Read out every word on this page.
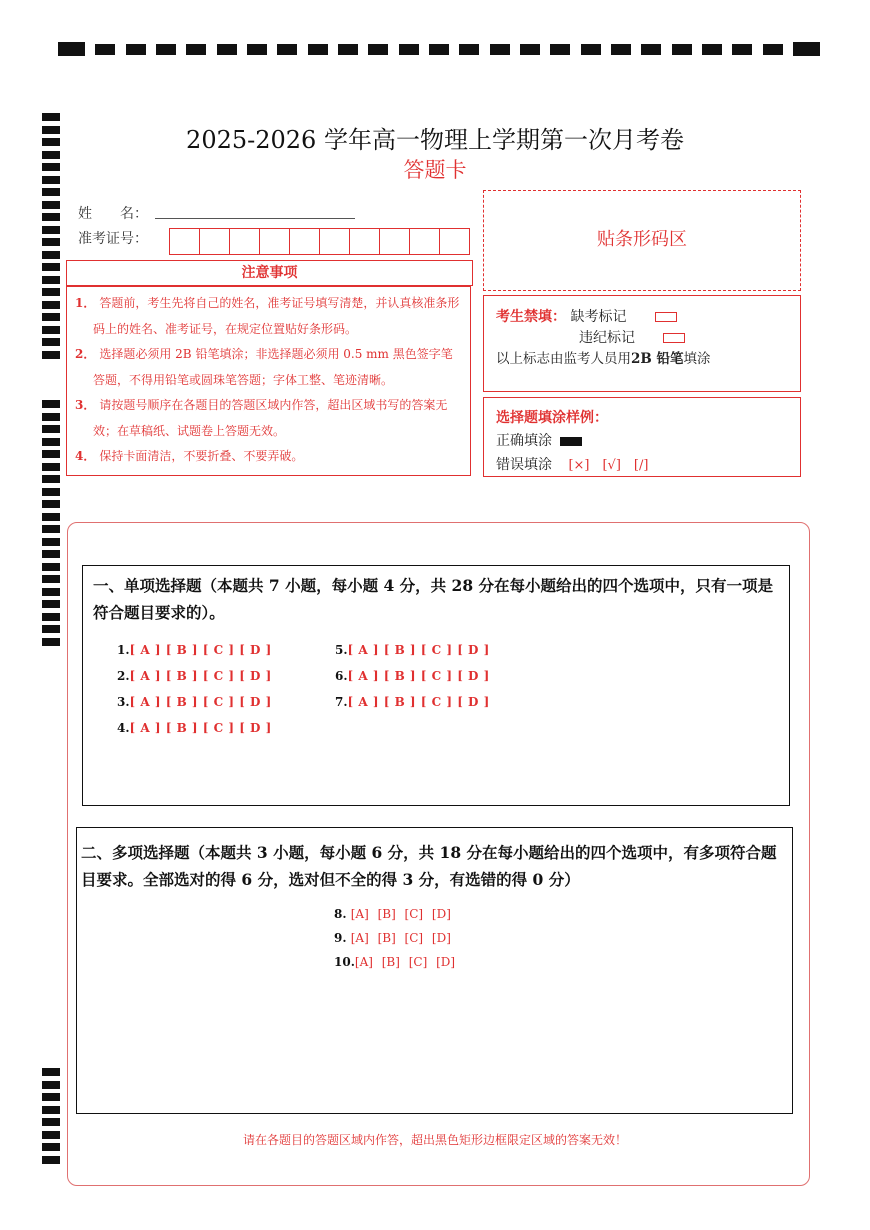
2025-2026 学年高一物理上学期第一次月考卷
答题卡
姓　　名：
准考证号：
注意事项
1． 答题前，考生先将自己的姓名，准考证号填写清楚，并认真核准条形码上的姓名、准考证号，在规定位置贴好条形码。
2． 选择题必须用 2B 铅笔填涂；非选择题必须用 0.5 mm 黑色签字笔答题，不得用铅笔或圆珠笔答题；字体工整、笔迹清晰。
3． 请按题号顺序在各题目的答题区域内作答，超出区域书写的答案无效；在草稿纸、试题卷上答题无效。
4． 保持卡面清洁，不要折叠、不要弄破。
贴条形码区
考生禁填： 缺考标记
违纪标记
以上标志由监考人员用2B 铅笔填涂
选择题填涂样例：
正确填涂
错误填涂 [×]　[√]　[/]
一、单项选择题（本题共 7 小题，每小题 4 分，共 28 分在每小题给出的四个选项中，只有一项是符合题目要求的）。
1.[ A ] [ B ] [ C ] [ D ]
2.[ A ] [ B ] [ C ] [ D ]
3.[ A ] [ B ] [ C ] [ D ]
4.[ A ] [ B ] [ C ] [ D ]
5.[ A ] [ B ] [ C ] [ D ]
6.[ A ] [ B ] [ C ] [ D ]
7.[ A ] [ B ] [ C ] [ D ]
二、多项选择题（本题共 3 小题，每小题 6 分，共 18 分在每小题给出的四个选项中，有多项符合题目要求。全部选对的得 6 分，选对但不全的得 3 分，有选错的得 0 分）
8. [A] [B] [C] [D]
9. [A] [B] [C] [D]
10.[A] [B] [C] [D]
请在各题目的答题区域内作答，超出黑色矩形边框限定区域的答案无效！
